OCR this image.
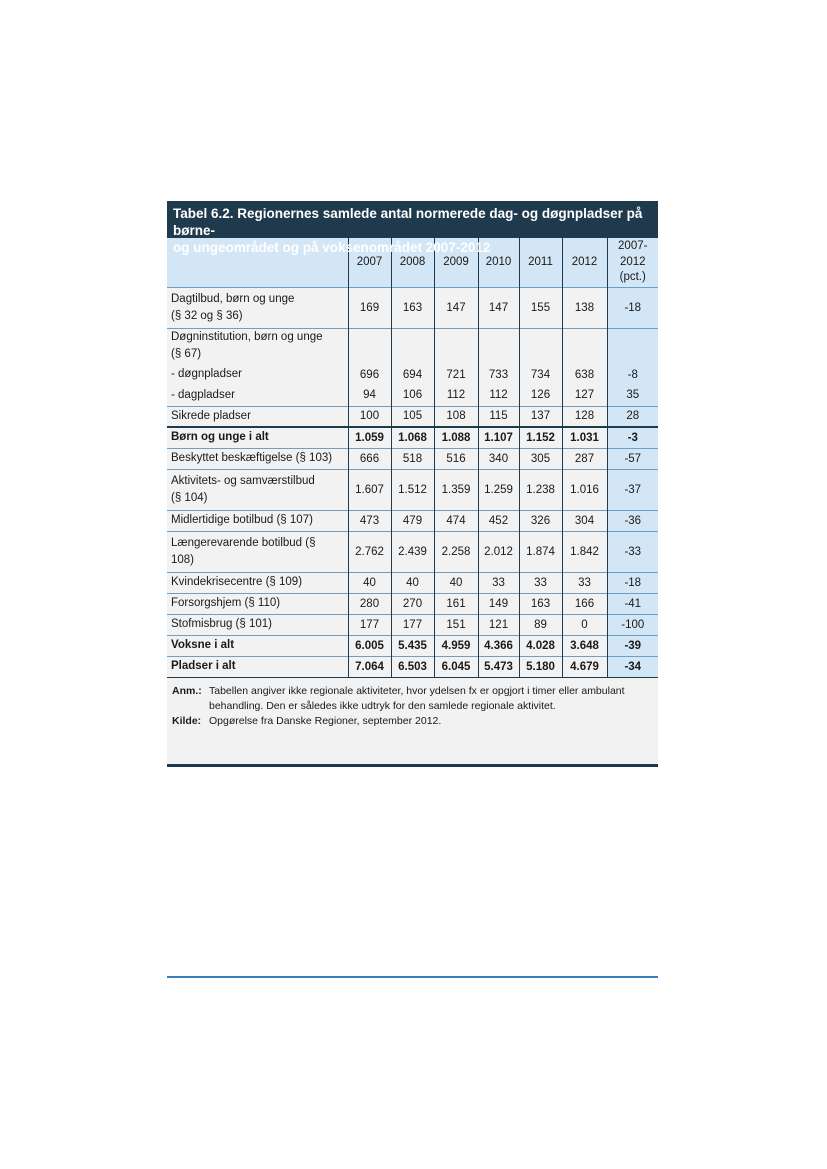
Tabel 6.2. Regionernes samlede antal normerede dag- og døgnpladser på børne-
og ungeområdet og på voksenområdet 2007-2012
	2007	2008	2009	2010	2011	2012	2007-
2012
(pct.)

Dagtilbud, børn og unge
(§ 32 og § 36)	169	163	147	147	155	138	-18

Døgninstitution, børn og unge
(§ 67)							

- døgnpladser	696	694	721	733	734	638	-8

- dagpladser	94	106	112	112	126	127	35

Sikrede pladser	100	105	108	115	137	128	28

Børn og unge i alt	1.059	1.068	1.088	1.107	1.152	1.031	-3

Beskyttet beskæftigelse (§ 103)	666	518	516	340	305	287	-57

Aktivitets- og samværstilbud
(§ 104)	1.607	1.512	1.359	1.259	1.238	1.016	-37

Midlertidige botilbud (§ 107)	473	479	474	452	326	304	-36

Længerevarende botilbud (§
108)	2.762	2.439	2.258	2.012	1.874	1.842	-33

Kvindekrisecentre (§ 109)	40	40	40	33	33	33	-18

Forsorgshjem (§ 110)	280	270	161	149	163	166	-41

Stofmisbrug (§ 101)	177	177	151	121	89	0	-100

Voksne i alt	6.005	5.435	4.959	4.366	4.028	3.648	-39

Pladser i alt	7.064	6.503	6.045	5.473	5.180	4.679	-34
Anm.: Tabellen angiver ikke regionale aktiviteter, hvor ydelsen fx er opgjort i timer eller ambulant
behandling. Den er således ikke udtryk for den samlede regionale aktivitet.
Kilde: Opgørelse fra Danske Regioner, september 2012.
